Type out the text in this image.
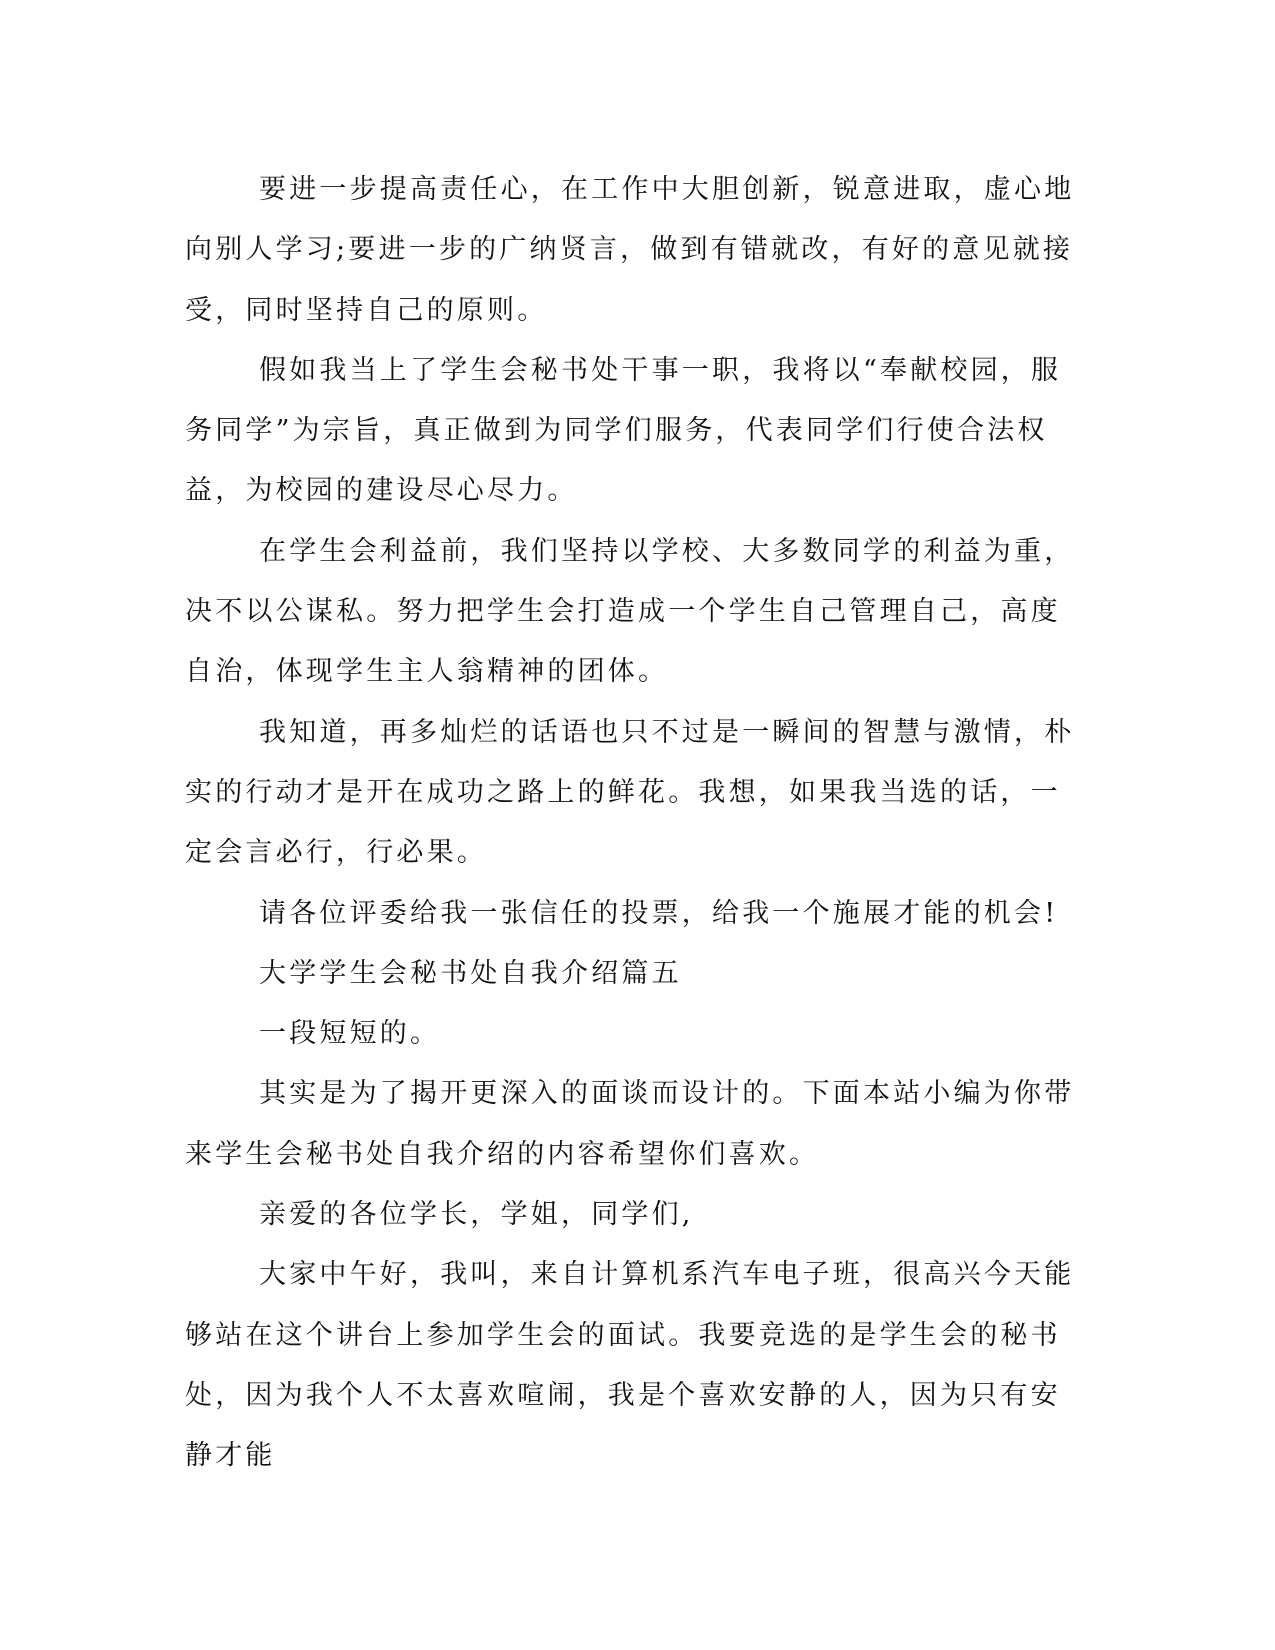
要进一步提高责任心，在工作中大胆创新，锐意进取，虚心地向别人学习;要进一步的广纳贤言，做到有错就改，有好的意见就接受，同时坚持自己的原则。

假如我当上了学生会秘书处干事一职，我将以“奉献校园，服务同学”为宗旨，真正做到为同学们服务，代表同学们行使合法权益，为校园的建设尽心尽力。

在学生会利益前，我们坚持以学校、大多数同学的利益为重，决不以公谋私。努力把学生会打造成一个学生自己管理自己，高度自治，体现学生主人翁精神的团体。

我知道，再多灿烂的话语也只不过是一瞬间的智慧与激情，朴实的行动才是开在成功之路上的鲜花。我想，如果我当选的话，一定会言必行，行必果。

请各位评委给我一张信任的投票，给我一个施展才能的机会!

大学学生会秘书处自我介绍篇五

一段短短的。

其实是为了揭开更深入的面谈而设计的。下面本站小编为你带来学生会秘书处自我介绍的内容希望你们喜欢。

亲爱的各位学长，学姐，同学们,

大家中午好，我叫，来自计算机系汽车电子班，很高兴今天能够站在这个讲台上参加学生会的面试。我要竞选的是学生会的秘书处，因为我个人不太喜欢喧闹，我是个喜欢安静的人，因为只有安静才能
